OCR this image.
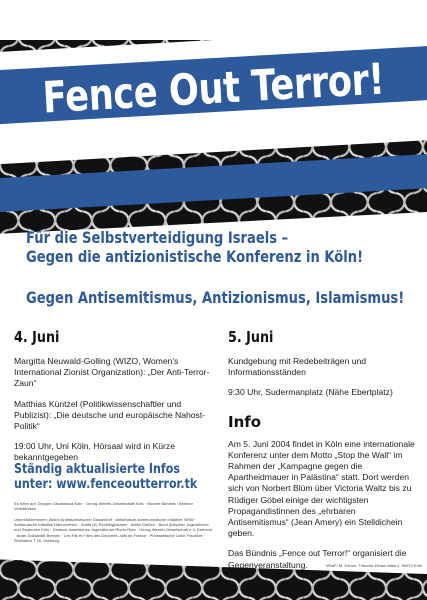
Fence Out Terror!
Für die Selbstverteidigung Israels –
Gegen die antizionistische Konferenz in Köln!
Gegen Antisemitismus, Antizionismus, Islamismus!
4. Juni
Margitta Neuwald-Golling (WIZO, Women's International Zionist Organization): „Der Anti-Terror-Zaun“
Matthias Küntzel (Politikwissenschaftler und Publizist): „Die deutsche und europäische Nahost-Politik“
19:00 Uhr, Uni Köln, Hörsaal wird in Kürze bekanntgegeben
Ständig aktualisierte Infos
unter: www.fenceoutterror.tk
Es rufen auf: Gruppe Casablanca Köln · Georg-Weerth-Gesellschaft Köln · Bonner Bündnis / Berliner Verhältnisse
Unterstützer/innen: Aktion Antifaschistischer Düsseldorf · Antideutsch-kommunistische Initiative, NRW · Antideutsche Initiative Hannoversch · Antifa (K) Recklinghausen · Antifa Gießen · Bund jüdischer Jugendlicher und Studenten Köln · Deutsch-Israelisches Jugendforum Rhein-Ruhr · Georg-Weerth-Gesellschaft e.V. Detmold · Israel-Solidarität Bremen · Les Fils et Filles des Déportés Juifs de France · Proisraelische Linke Frankfurt · Redaktion T 26, Duisburg
5. Juni
Kundgebung mit Redebeiträgen und Informationsständen
9:30 Uhr, Sudermanplatz (Nähe Ebertplatz)
Info
Am 5. Juni 2004 findet in Köln eine internationale Konferenz unter dem Motto „Stop the Wall“ im Rahmen der „Kampagne gegen die Apartheidmauer in Palästina“ statt. Dort werden sich von Norbert Blüm über Victoria Waltz bis zu Rüdiger Göbel einige der wichtigsten Propagandistinnen des „ehrbaren Antisemitismus“ (Jean Amery) ein Stelldichein geben.
Das Bündnis „Fence out Terror!“ organisiert die Gegenveranstaltung.	ViSdP: M. Körner, Theodor-Heuss-Allee 1, 50672 Köln
